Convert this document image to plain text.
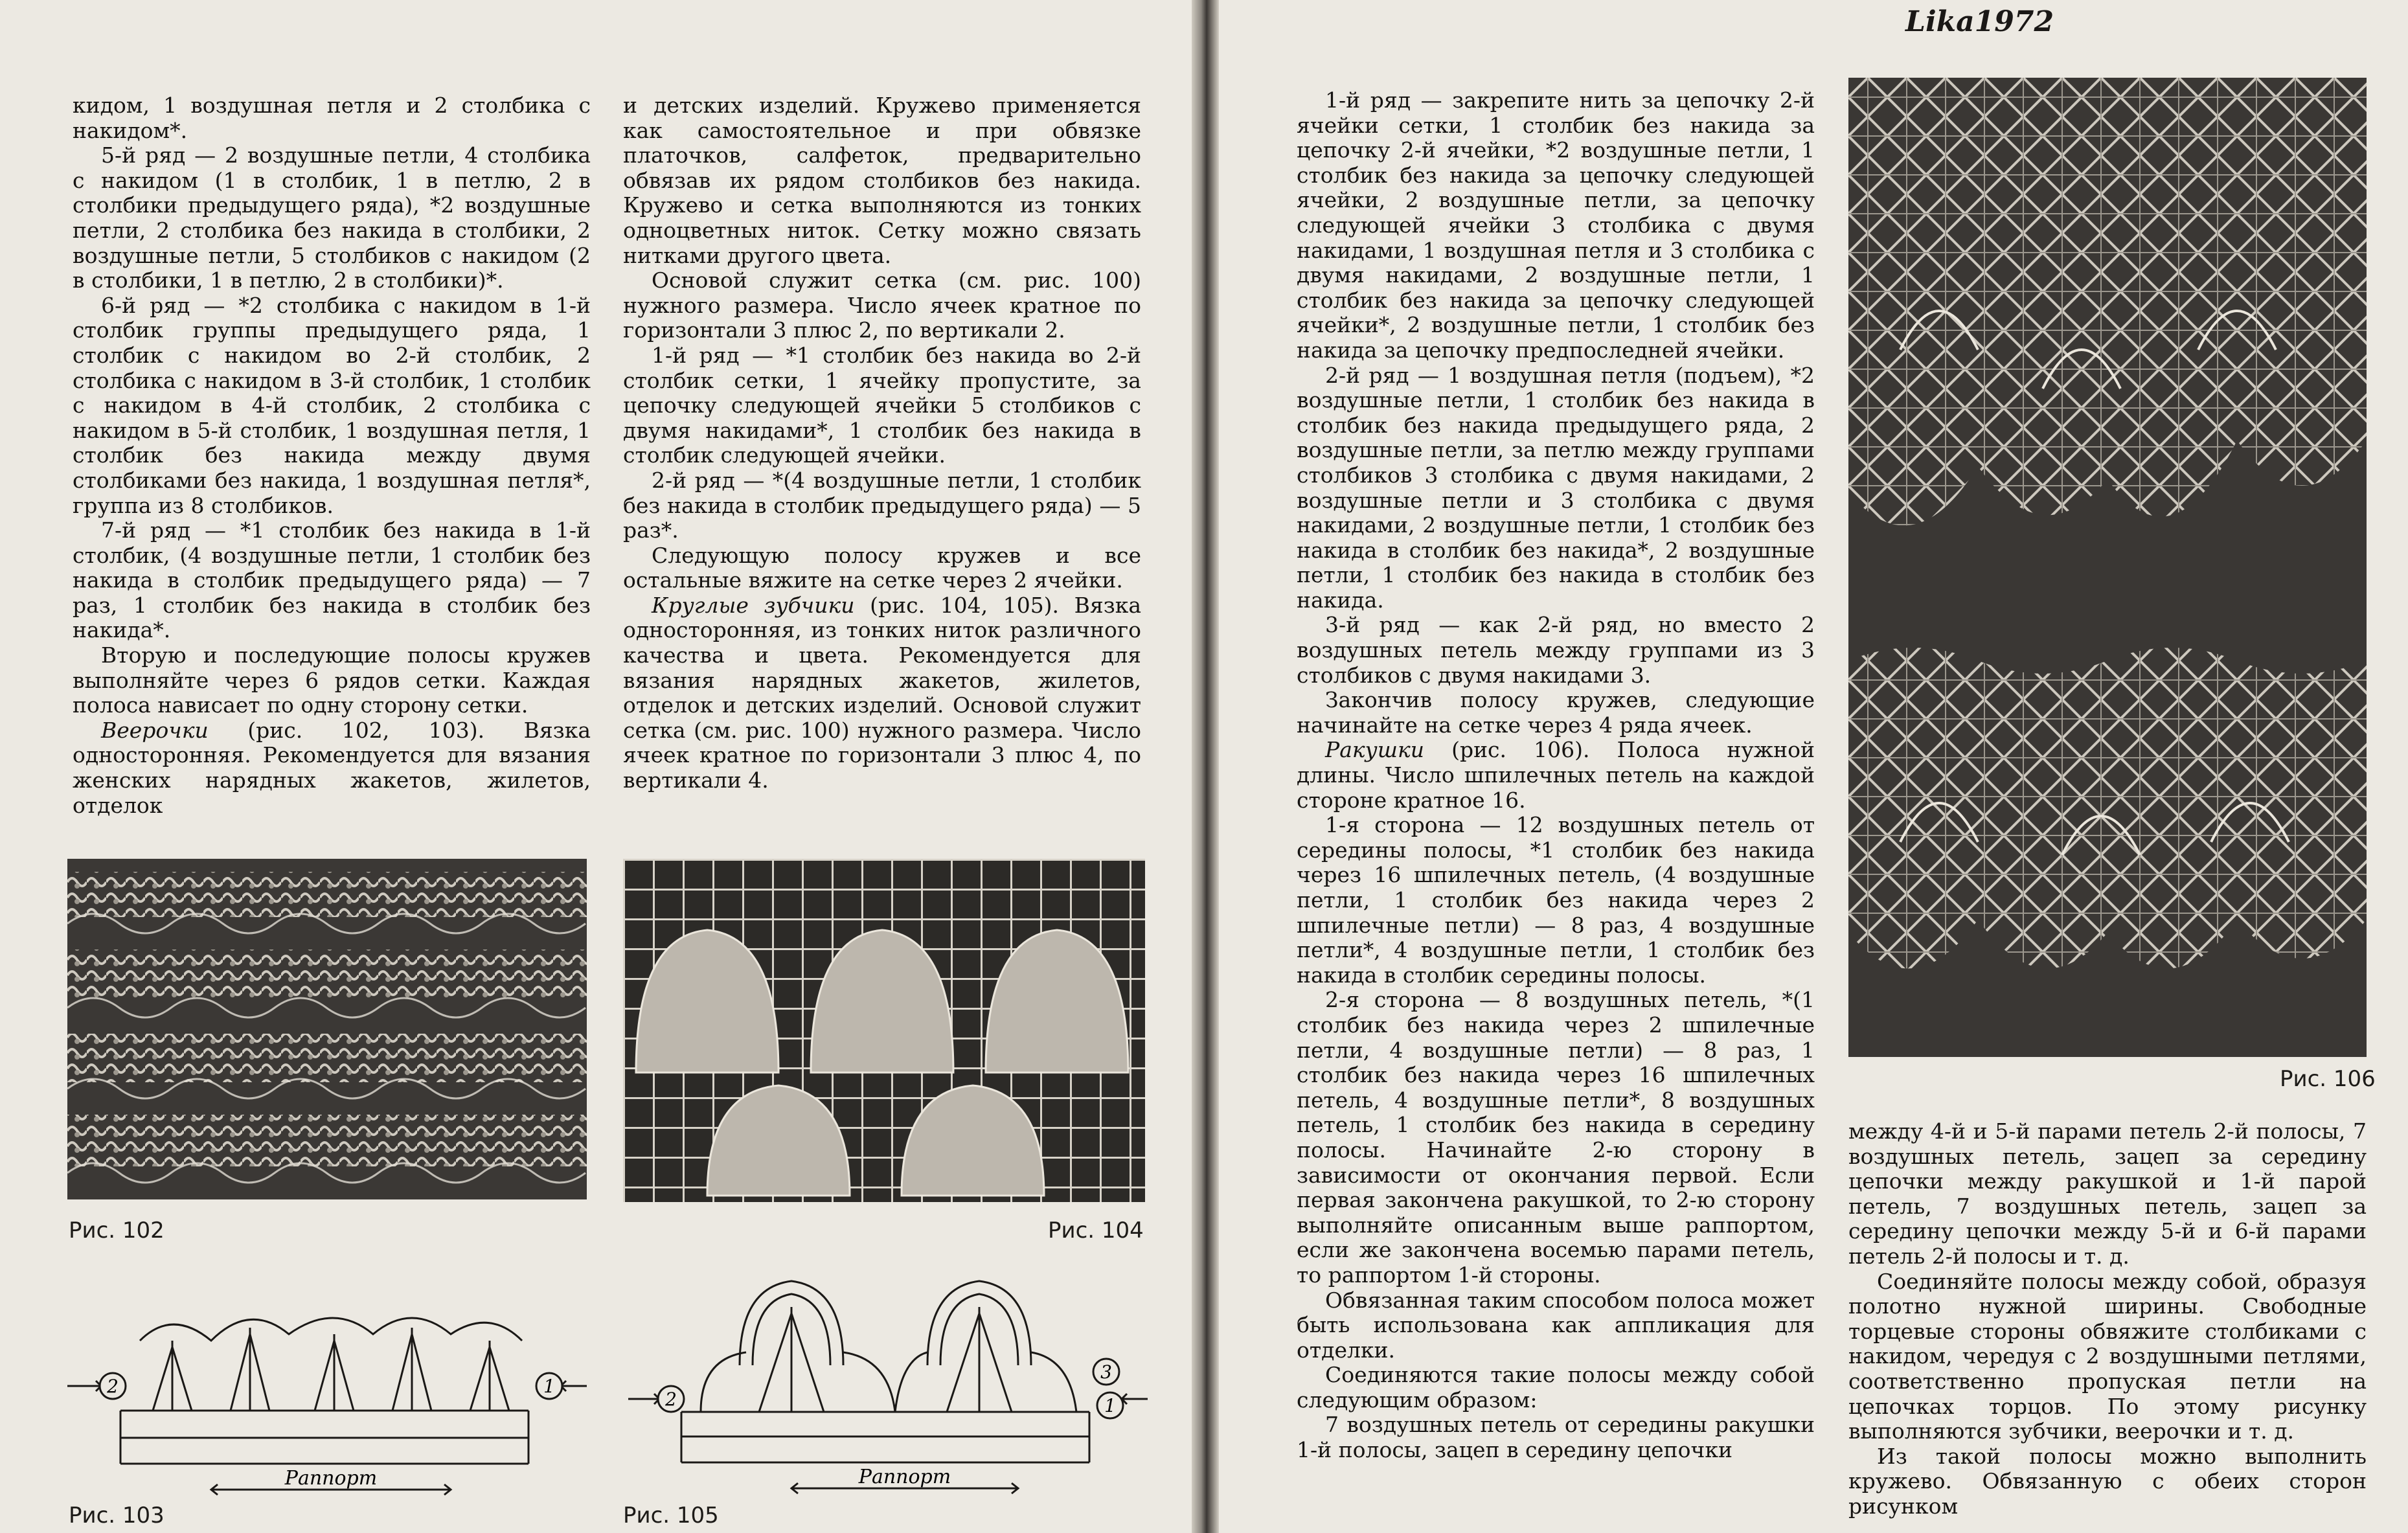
кидом, 1 воздушная петля и 2 столбика с накидом*.

5-й ряд — 2 воздушные петли, 4 столбика с накидом (1 в столбик, 1 в петлю, 2 в столбики предыдущего ряда), *2 воздушные петли, 2 столбика без накида в столбики, 2 воздушные петли, 5 столбиков с накидом (2 в столбики, 1 в петлю, 2 в столбики)*.

6-й ряд — *2 столбика с накидом в 1-й столбик группы предыдущего ряда, 1 столбик с накидом во 2-й столбик, 2 столбика с накидом в 3-й столбик, 1 столбик с накидом в 4-й столбик, 2 столбика с накидом в 5-й столбик, 1 воздушная петля, 1 столбик без накида между двумя столбиками без накида, 1 воздушная петля*, группа из 8 столбиков.

7-й ряд — *1 столбик без накида в 1-й столбик, (4 воздушные петли, 1 столбик без накида в столбик предыдущего ряда) — 7 раз, 1 столбик без накида в столбик без накида*.

Вторую и последующие полосы кружев выполняйте через 6 рядов сетки. Каждая полоса нависает по одну сторону сетки.

Веерочки (рис. 102, 103). Вязка односторонняя. Рекомендуется для вязания женских нарядных жакетов, жилетов, отделок

и детских изделий. Кружево применяется как самостоятельное и при обвязке платочков, салфеток, предварительно обвязав их рядом столбиков без накида. Кружево и сетка выполняются из тонких одноцветных ниток. Сетку можно связать нитками другого цвета.

Основой служит сетка (см. рис. 100) нужного размера. Число ячеек кратное по горизонтали 3 плюс 2, по вертикали 2.

1-й ряд — *1 столбик без накида во 2-й столбик сетки, 1 ячейку пропустите, за цепочку следующей ячейки 5 столбиков с двумя накидами*, 1 столбик без накида в столбик следующей ячейки.

2-й ряд — *(4 воздушные петли, 1 столбик без накида в столбик предыдущего ряда) — 5 раз*.

Следующую полосу кружев и все остальные вяжите на сетке через 2 ячейки.

Круглые зубчики (рис. 104, 105). Вязка односторонняя, из тонких ниток различного качества и цвета. Рекомендуется для вязания нарядных жакетов, жилетов, отделок и детских изделий. Основой служит сетка (см. рис. 100) нужного размера. Число ячеек кратное по горизонтали 3 плюс 4, по вертикали 4.

Рис. 102	Рис. 104
2	1
Раппорт
Рис. 103
2
3
1
Раппорт
Рис. 105
Lika1972

1-й ряд — закрепите нить за цепочку 2-й ячейки сетки, 1 столбик без накида за цепочку 2-й ячейки, *2 воздушные петли, 1 столбик без накида за цепочку следующей ячейки, 2 воздушные петли, за цепочку следующей ячейки 3 столбика с двумя накидами, 1 воздушная петля и 3 столбика с двумя накидами, 2 воздушные петли, 1 столбик без накида за цепочку следующей ячейки*, 2 воздушные петли, 1 столбик без накида за цепочку предпоследней ячейки.

2-й ряд — 1 воздушная петля (подъем), *2 воздушные петли, 1 столбик без накида в столбик без накида предыдущего ряда, 2 воздушные петли, за петлю между группами столбиков 3 столбика с двумя накидами, 2 воздушные петли и 3 столбика с двумя накидами, 2 воздушные петли, 1 столбик без накида в столбик без накида*, 2 воздушные петли, 1 столбик без накида в столбик без накида.

3-й ряд — как 2-й ряд, но вместо 2 воздушных петель между группами из 3 столбиков с двумя накидами 3.

Закончив полосу кружев, следующие начинайте на сетке через 4 ряда ячеек.

Ракушки (рис. 106). Полоса нужной длины. Число шпилечных петель на каждой стороне кратное 16.

1-я сторона — 12 воздушных петель от середины полосы, *1 столбик без накида через 16 шпилечных петель, (4 воздушные петли, 1 столбик без накида через 2 шпилечные петли) — 8 раз, 4 воздушные петли*, 4 воздушные петли, 1 столбик без накида в столбик середины полосы.

2-я сторона — 8 воздушных петель, *(1 столбик без накида через 2 шпилечные петли, 4 воздушные петли) — 8 раз, 1 столбик без накида через 16 шпилечных петель, 4 воздушные петли*, 8 воздушных петель, 1 столбик без накида в середину полосы. Начинайте 2-ю сторону в зависимости от окончания первой. Если первая закончена ракушкой, то 2-ю сторону выполняйте описанным выше раппортом, если же закончена восемью парами петель, то раппортом 1-й стороны.

Обвязанная таким способом полоса может быть использована как аппликация для отделки.

Соединяются такие полосы между собой следующим образом:

7 воздушных петель от середины ракушки 1-й полосы, зацеп в середину цепочки

Рис. 106

между 4-й и 5-й парами петель 2-й полосы, 7 воздушных петель, зацеп за середину цепочки между ракушкой и 1-й парой петель, 7 воздушных петель, зацеп за середину цепочки между 5-й и 6-й парами петель 2-й полосы и т. д.

Соединяйте полосы между собой, образуя полотно нужной ширины. Свободные торцевые стороны обвяжите столбиками с накидом, чередуя с 2 воздушными петлями, соответственно пропуская петли на цепочках торцов. По этому рисунку выполняются зубчики, веерочки и т. д.

Из такой полосы можно выполнить кружево. Обвязанную с обеих сторон рисунком
